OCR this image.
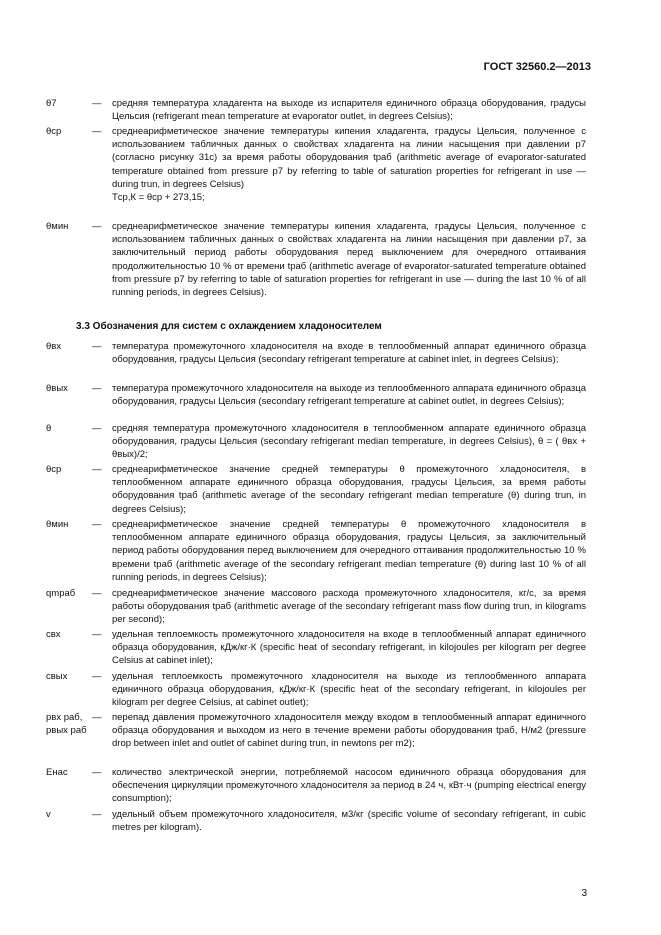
ГОСТ 32560.2—2013
θ7	— средняя температура хладагента на выходе из испарителя единичного образца оборудования, градусы Цельсия (refrigerant mean temperature at evaporator outlet, in degrees Celsius);
θср	— среднеарифметическое значение температуры кипения хладагента, градусы Цельсия, полученное с использованием табличных данных о свойствах хладагента на линии насыщения при давлении p7 (согласно рисунку 31с) за время работы оборудования tраб (arithmetic average of evaporator-saturated temperature obtained from pressure p7 by referring to table of saturation properties for refrigerant in use — during trun, in degrees Celsius)
Tср,К = θср + 273,15;
θмин	— среднеарифметическое значение температуры кипения хладагента, градусы Цельсия, полученное с использованием табличных данных о свойствах хладагента на линии насыщения при давлении p7, за заключительный период работы оборудования перед выключением для очередного оттаивания продолжительностью 10 % от времени tраб (arithmetic average of evaporator-saturated temperature obtained from pressure p7 by referring to table of saturation properties for refrigerant in use — during the last 10 % of all running periods, in degrees Celsius).
3.3 Обозначения для систем с охлаждением хладоносителем
θвх	— температура промежуточного хладоносителя на входе в теплообменный аппарат единичного образца оборудования, градусы Цельсия (secondary refrigerant temperature at cabinet inlet, in degrees Celsius);
θвых	— температура промежуточного хладоносителя на выходе из теплообменного аппарата единичного образца оборудования, градусы Цельсия (secondary refrigerant temperature at cabinet outlet, in degrees Celsius);
θ	— средняя температура промежуточного хладоносителя в теплообменном аппарате единичного образца оборудования, градусы Цельсия (secondary refrigerant median temperature, in degrees Celsius), θ = ( θвх + θвых)/2;
θср	— среднеарифметическое значение средней температуры θ промежуточного хладоносителя, в теплообменном аппарате единичного образца оборудования, градусы Цельсия, за время работы оборудования tраб (arithmetic average of the secondary refrigerant median temperature (θ) during trun, in degrees Celsius);
θмин	— среднеарифметическое значение средней температуры θ промежуточного хладоносителя в теплообменном аппарате единичного образца оборудования, градусы Цельсия, за заключительный период работы оборудования перед выключением для очередного оттаивания продолжительностью 10 % времени tраб (arithmetic average of the secondary refrigerant median temperature (θ) during last 10 % of all running periods, in degrees Celsius);
qmраб	— среднеарифметическое значение массового расхода промежуточного хладоносителя, кг/с, за время работы оборудования tраб (arithmetic average of the secondary refrigerant mass flow during trun, in kilograms per second);
cвх	— удельная теплоемкость промежуточного хладоносителя на входе в теплообменный аппарат единичного образца оборудования, кДж/кг·К (specific heat of secondary refrigerant, in kilojoules per kilogram per degree Celsius at cabinet inlet);
cвых	— удельная теплоемкость промежуточного хладоносителя на выходе из теплообменного аппарата единичного образца оборудования, кДж/кг·К (specific heat of the secondary refrigerant, in kilojoules per kilogram per degree Celsius, at cabinet outlet);
pвх раб,
pвых раб
— перепад давления промежуточного хладоносителя между входом в теплообменный аппарат единичного образца оборудования и выходом из него в течение времени работы оборудования tраб, Н/м2 (pressure drop between inlet and outlet of cabinet during trun, in newtons per m2);
Eнас	— количество электрической энергии, потребляемой насосом единичного образца оборудования для обеспечения циркуляции промежуточного хладоносителя за период в 24 ч, кВт·ч (pumping electrical energy consumption);
v	— удельный объем промежуточного хладоносителя, м3/кг (specific volume of secondary refrigerant, in cubic metres per kilogram).
3
